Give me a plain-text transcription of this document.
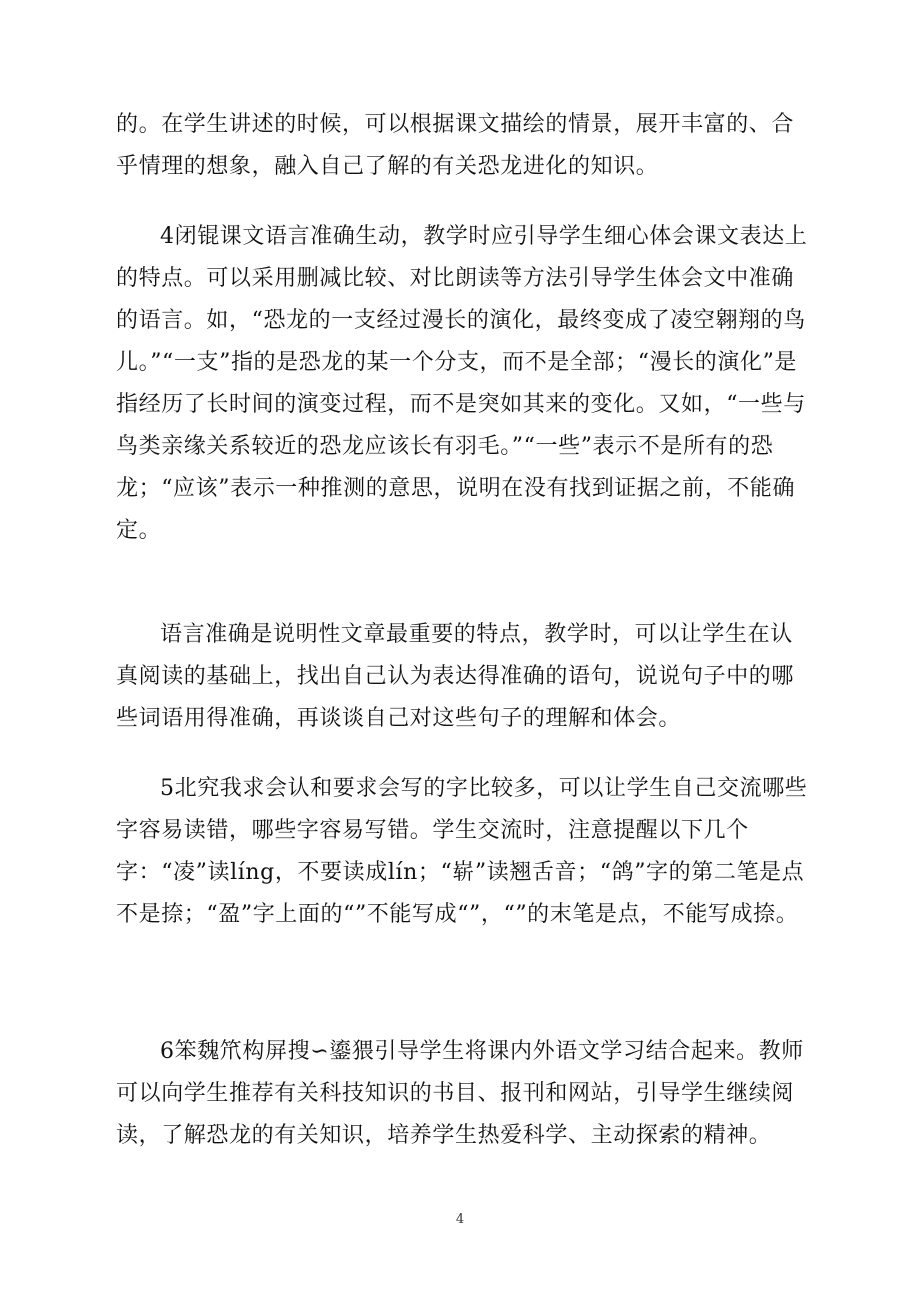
的。在学生讲述的时候，可以根据课文描绘的情景，展开丰富的、合乎情理的想象，融入自己了解的有关恐龙进化的知识。

4闭锟课文语言准确生动，教学时应引导学生细心体会课文表达上的特点。可以采用删减比较、对比朗读等方法引导学生体会文中准确的语言。如，“恐龙的一支经过漫长的演化，最终变成了凌空翱翔的鸟儿。”“一支”指的是恐龙的某一个分支，而不是全部；“漫长的演化”是指经历了长时间的演变过程，而不是突如其来的变化。又如，“一些与鸟类亲缘关系较近的恐龙应该长有羽毛。”“一些”表示不是所有的恐龙；“应该”表示一种推测的意思，说明在没有找到证据之前，不能确定。

语言准确是说明性文章最重要的特点，教学时，可以让学生在认真阅读的基础上，找出自己认为表达得准确的语句，说说句子中的哪些词语用得准确，再谈谈自己对这些句子的理解和体会。

5北究我求会认和要求会写的字比较多，可以让学生自己交流哪些字容易读错，哪些字容易写错。学生交流时，注意提醒以下几个字：“凌”读líng，不要读成lín；“崭”读翘舌音；“鸽”字的第二笔是点不是捺；“盈”字上面的“”不能写成“”，“”的末笔是点，不能写成捺。

6笨魏笊构屏搜∽鎏猥引导学生将课内外语文学习结合起来。教师可以向学生推荐有关科技知识的书目、报刊和网站，引导学生继续阅读，了解恐龙的有关知识，培养学生热爱科学、主动探索的精神。

4
